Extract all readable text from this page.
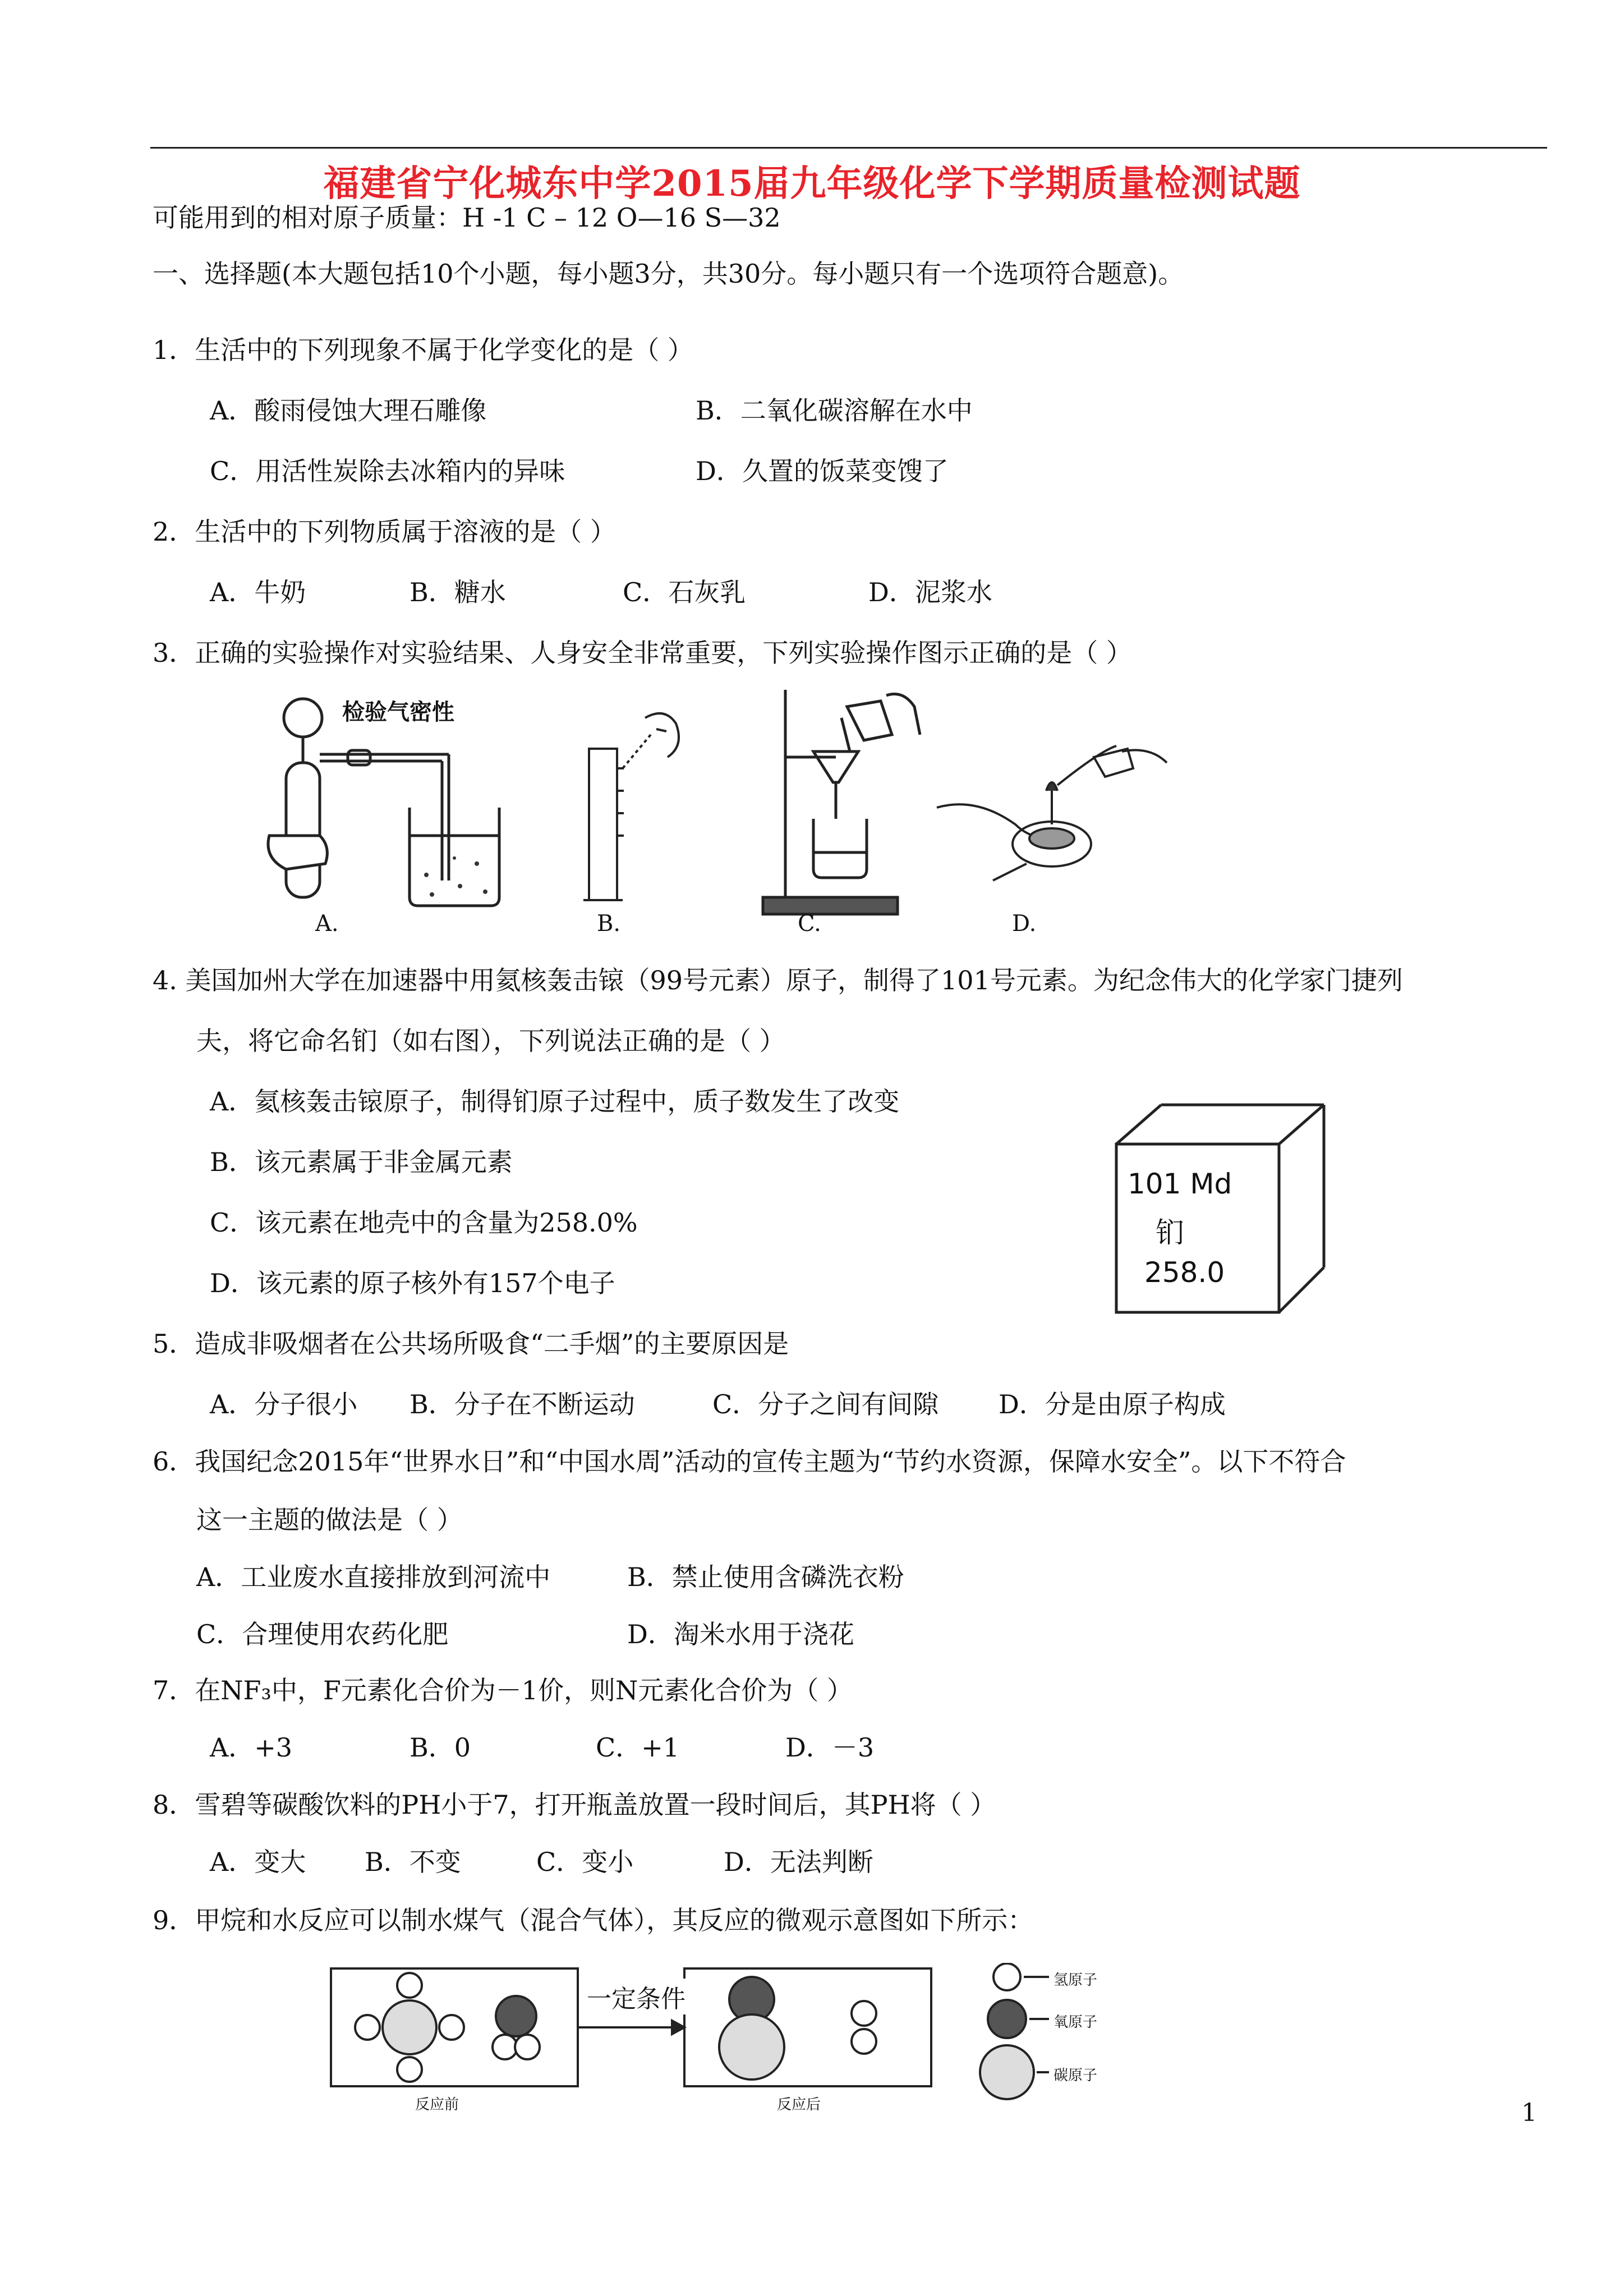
福建省宁化城东中学2015届九年级化学下学期质量检测试题
可能用到的相对原子质量：H -1 C – 12 O—16 S—32
一、选择题(本大题包括10个小题，每小题3分，共30分。每小题只有一个选项符合题意)。
1．生活中的下列现象不属于化学变化的是（ ）
A．酸雨侵蚀大理石雕像	B．二氧化碳溶解在水中
C．用活性炭除去冰箱内的异味	D．久置的饭菜变馊了
2．生活中的下列物质属于溶液的是（ ）
A．牛奶	B．糖水	C．石灰乳	D．泥浆水
3．正确的实验操作对实验结果、人身安全非常重要，下列实验操作图示正确的是（ ）
检验气密性
A.	B.	C.	D.
4. 美国加州大学在加速器中用氦核轰击锿（99号元素）原子，制得了101号元素。为纪念伟大的化学家门捷列
夫，将它命名钔（如右图），下列说法正确的是（ ）
A．氦核轰击锿原子，制得钔原子过程中，质子数发生了改变
B．该元素属于非金属元素
C．该元素在地壳中的含量为258.0%
D．该元素的原子核外有157个电子
101 Md
钔
258.0
5．造成非吸烟者在公共场所吸食“二手烟”的主要原因是
A．分子很小 B．分子在不断运动	C．分子之间有间隙 D．分是由原子构成
6．我国纪念2015年“世界水日”和“中国水周”活动的宣传主题为“节约水资源，保障水安全”。以下不符合
这一主题的做法是（ ）
A．工业废水直接排放到河流中	B．禁止使用含磷洗衣粉
C．合理使用农药化肥	D．淘米水用于浇花
7．在NF₃中，F元素化合价为－1价，则N元素化合价为（ ）
A．+3	B．0	C．+1	D．－3
8．雪碧等碳酸饮料的PH小于7，打开瓶盖放置一段时间后，其PH将（ ）
A．变大 B．不变	C．变小	D．无法判断
9．甲烷和水反应可以制水煤气（混合气体），其反应的微观示意图如下所示：
一定条件
反应前	反应后
氢原子
氧原子
碳原子
1
